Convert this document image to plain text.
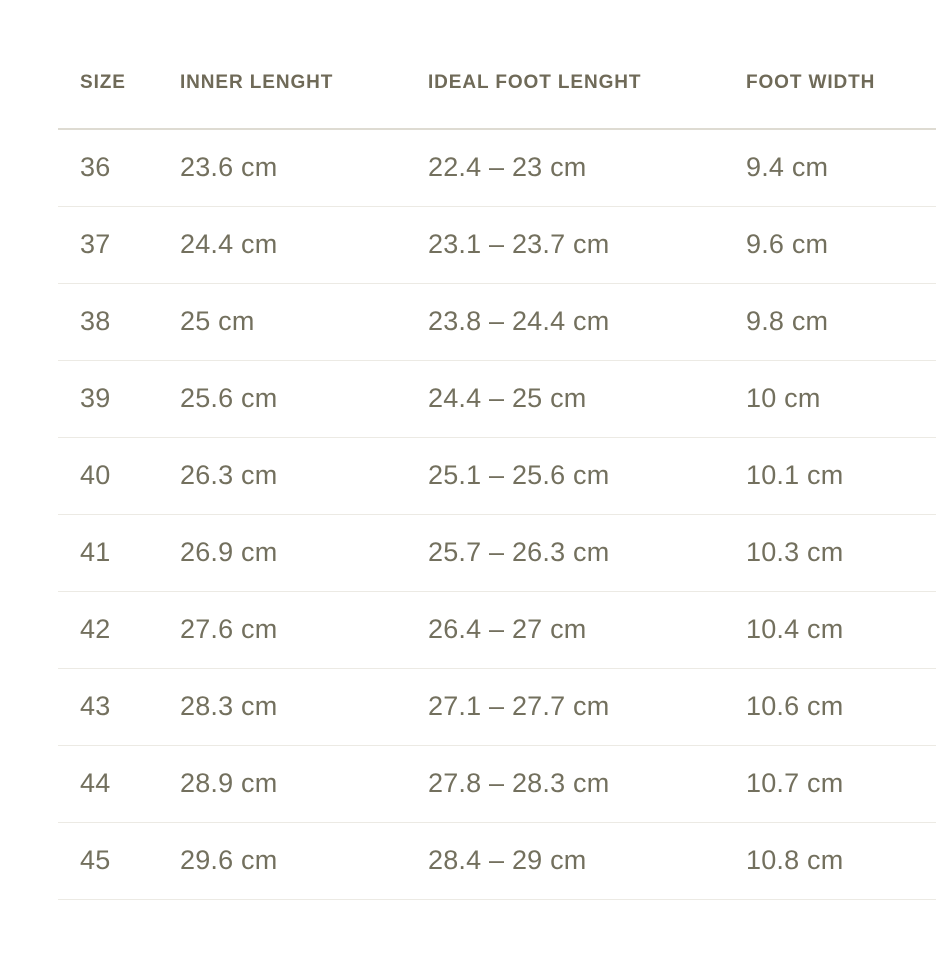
SIZE	INNER LENGHT	IDEAL FOOT LENGHT	FOOT WIDTH
36	23.6 cm	22.4 – 23 cm	9.4 cm
37	24.4 cm	23.1 – 23.7 cm	9.6 cm
38	25 cm	23.8 – 24.4 cm	9.8 cm
39	25.6 cm	24.4 – 25 cm	10 cm
40	26.3 cm	25.1 – 25.6 cm	10.1 cm
41	26.9 cm	25.7 – 26.3 cm	10.3 cm
42	27.6 cm	26.4 – 27 cm	10.4 cm
43	28.3 cm	27.1 – 27.7 cm	10.6 cm
44	28.9 cm	27.8 – 28.3 cm	10.7 cm
45	29.6 cm	28.4 – 29 cm	10.8 cm
